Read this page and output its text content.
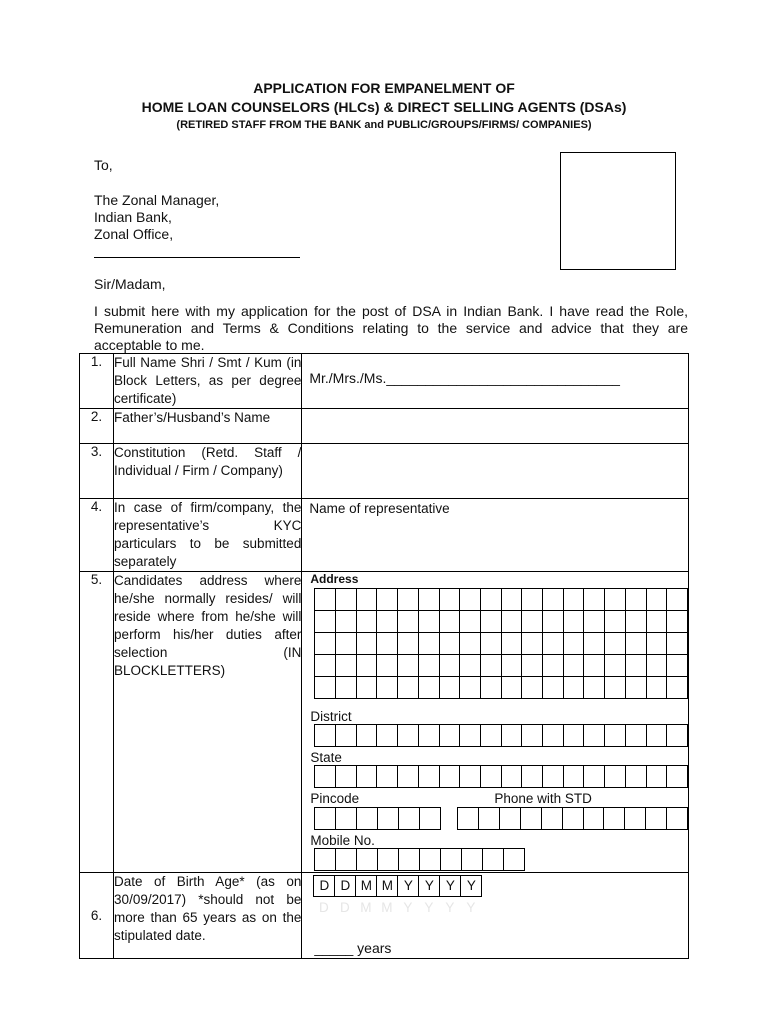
APPLICATION FOR EMPANELMENT OF
HOME LOAN COUNSELORS (HLCs) & DIRECT SELLING AGENTS (DSAs)
(RETIRED STAFF FROM THE BANK and PUBLIC/GROUPS/FIRMS/ COMPANIES)
To,
The Zonal Manager,
Indian Bank,
Zonal Office,
Sir/Madam,
I submit here with my application for the post of DSA in Indian Bank. I have read the Role, Remuneration and Terms & Conditions relating to the service and advice that they are acceptable to me.
1.	Full Name Shri / Smt / Kum (in Block Letters, as per degree certificate)	
Mr./Mrs./Ms.______________________________

2.	Father’s/Husband’s Name	
3.	Constitution (Retd. Staff / Individual / Firm / Company)	
4.	In case of firm/company, the representative’s KYC particulars to be submitted separately	
Name of representative

5.	Candidates address where he/she normally resides/ will reside where from he/she will perform his/her duties after selection (IN BLOCKLETTERS)	
Address

District

State

Pincode	Phone with STD

Mobile No.

6.	Date of Birth Age* (as on 30/09/2017) *should not be more than 65 years as on the stipulated date.	
D D M M Y Y Y Y
D D M M Y Y Y Y
_____ years
